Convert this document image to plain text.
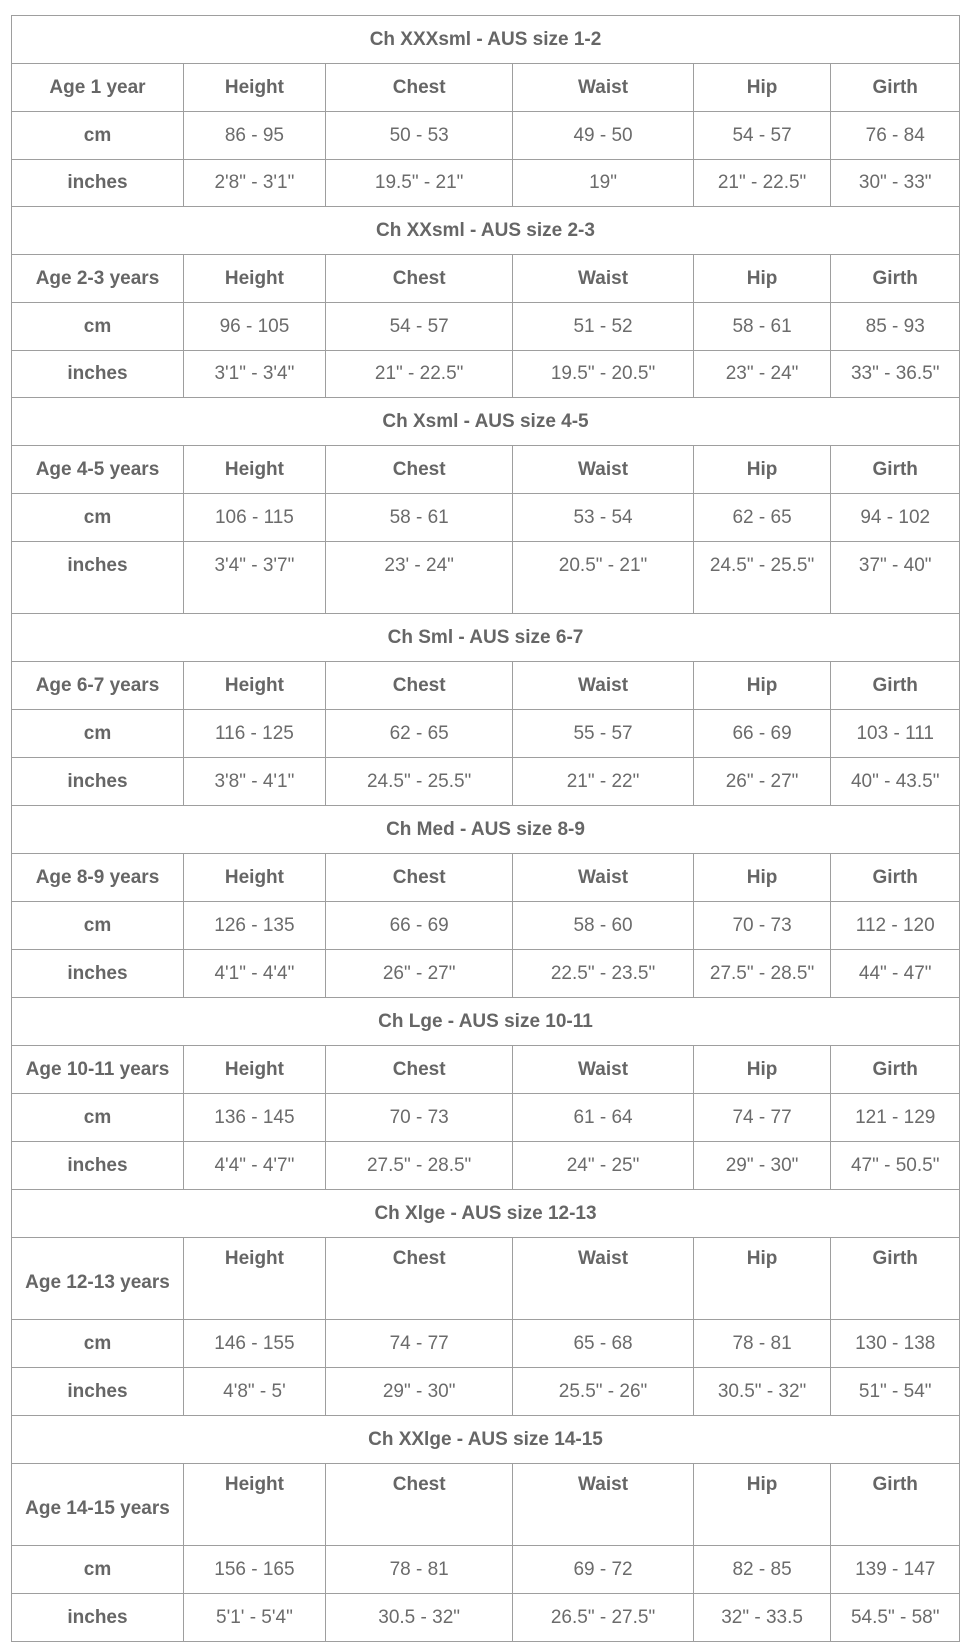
Ch XXXsml - AUS size 1-2					
Age 1 year	Height	Chest	Waist	Hip	Girth
cm	86 - 95	50 - 53	49 - 50	54 - 57	76 - 84
inches	2'8" - 3'1"	19.5" - 21"	19"	21" - 22.5"	30" - 33"
Ch XXsml - AUS size 2-3					
Age 2-3 years	Height	Chest	Waist	Hip	Girth
cm	96 - 105	54 - 57	51 - 52	58 - 61	85 - 93
inches	3'1" - 3'4"	21" - 22.5"	19.5" - 20.5"	23" - 24"	33" - 36.5"
Ch Xsml - AUS size 4-5					
Age 4-5 years	Height	Chest	Waist	Hip	Girth
cm	106 - 115	58 - 61	53 - 54	62 - 65	94 - 102
inches	3'4" - 3'7"	23' - 24"	20.5" - 21"	24.5" - 25.5"	37" - 40"
Ch Sml - AUS size 6-7					
Age 6-7 years	Height	Chest	Waist	Hip	Girth
cm	116 - 125	62 - 65	55 - 57	66 - 69	103 - 111
inches	3'8" - 4'1"	24.5" - 25.5"	21" - 22"	26" - 27"	40" - 43.5"
Ch Med - AUS size 8-9					
Age 8-9 years	Height	Chest	Waist	Hip	Girth
cm	126 - 135	66 - 69	58 - 60	70 - 73	112 - 120
inches	4'1" - 4'4"	26" - 27"	22.5" - 23.5"	27.5" - 28.5"	44" - 47"
Ch Lge - AUS size 10-11					
Age 10-11 years	Height	Chest	Waist	Hip	Girth
cm	136 - 145	70 - 73	61 - 64	74 - 77	121 - 129
inches	4'4" - 4'7"	27.5" - 28.5"	24" - 25"	29" - 30"	47" - 50.5"
Ch Xlge - AUS size 12-13					
Age 12-13 years	Height	Chest	Waist	Hip	Girth
cm	146 - 155	74 - 77	65 - 68	78 - 81	130 - 138
inches	4'8" - 5'	29" - 30"	25.5" - 26"	30.5" - 32"	51" - 54"
Ch XXlge - AUS size 14-15					
Age 14-15 years	Height	Chest	Waist	Hip	Girth
cm	156 - 165	78 - 81	69 - 72	82 - 85	139 - 147
inches	5'1' - 5'4"	30.5 - 32"	26.5" - 27.5"	32" - 33.5	54.5" - 58"
